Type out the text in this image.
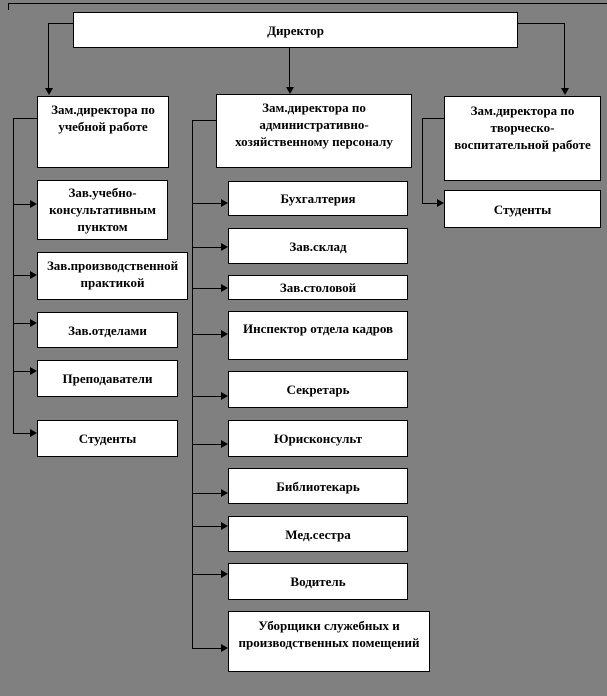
Директор
Зам.директора по
учебной работе
Зам.директора по
административно-
хозяйственному персоналу
Зам.директора по
творческо-
воспитательной работе
Зав.учебно-
консультативным
пунктом
Зав.производственной
практикой
Зав.отделами
Преподаватели
Студенты
Бухгалтерия
Зав.склад
Зав.столовой
Инспектор отдела кадров
Секретарь
Юрисконсульт
Библиотекарь
Мед.сестра
Водитель
Уборщики служебных и
производственных помещений
Студенты
